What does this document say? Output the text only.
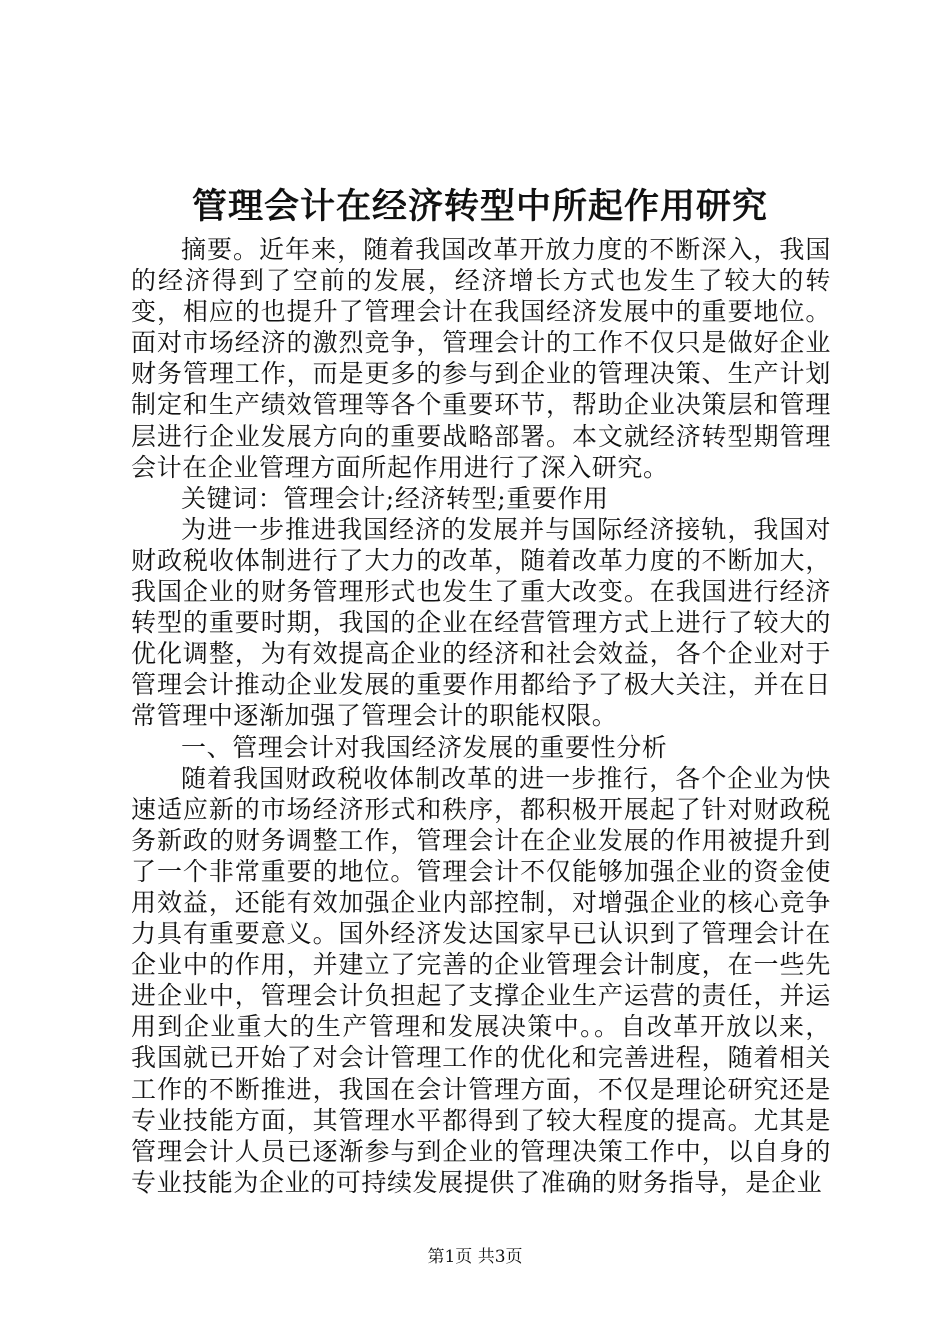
管理会计在经济转型中所起作用研究

摘要。近年来，随着我国改革开放力度的不断深入，我国的经济得到了空前的发展，经济增长方式也发生了较大的转变，相应的也提升了管理会计在我国经济发展中的重要地位。面对市场经济的激烈竞争，管理会计的工作不仅只是做好企业财务管理工作，而是更多的参与到企业的管理决策、生产计划制定和生产绩效管理等各个重要环节，帮助企业决策层和管理层进行企业发展方向的重要战略部署。本文就经济转型期管理会计在企业管理方面所起作用进行了深入研究。

关键词：管理会计;经济转型;重要作用

为进一步推进我国经济的发展并与国际经济接轨，我国对财政税收体制进行了大力的改革，随着改革力度的不断加大，我国企业的财务管理形式也发生了重大改变。在我国进行经济转型的重要时期，我国的企业在经营管理方式上进行了较大的优化调整，为有效提高企业的经济和社会效益，各个企业对于管理会计推动企业发展的重要作用都给予了极大关注，并在日常管理中逐渐加强了管理会计的职能权限。

一、管理会计对我国经济发展的重要性分析

随着我国财政税收体制改革的进一步推行，各个企业为快速适应新的市场经济形式和秩序，都积极开展起了针对财政税务新政的财务调整工作，管理会计在企业发展的作用被提升到了一个非常重要的地位。管理会计不仅能够加强企业的资金使用效益，还能有效加强企业内部控制，对增强企业的核心竞争力具有重要意义。国外经济发达国家早已认识到了管理会计在企业中的作用，并建立了完善的企业管理会计制度，在一些先进企业中，管理会计负担起了支撑企业生产运营的责任，并运用到企业重大的生产管理和发展决策中。。自改革开放以来，我国就已开始了对会计管理工作的优化和完善进程，随着相关工作的不断推进，我国在会计管理方面，不仅是理论研究还是专业技能方面，其管理水平都得到了较大程度的提高。尤其是管理会计人员已逐渐参与到企业的管理决策工作中，以自身的专业技能为企业的可持续发展提供了准确的财务指导，是企业

第1页 共3页
